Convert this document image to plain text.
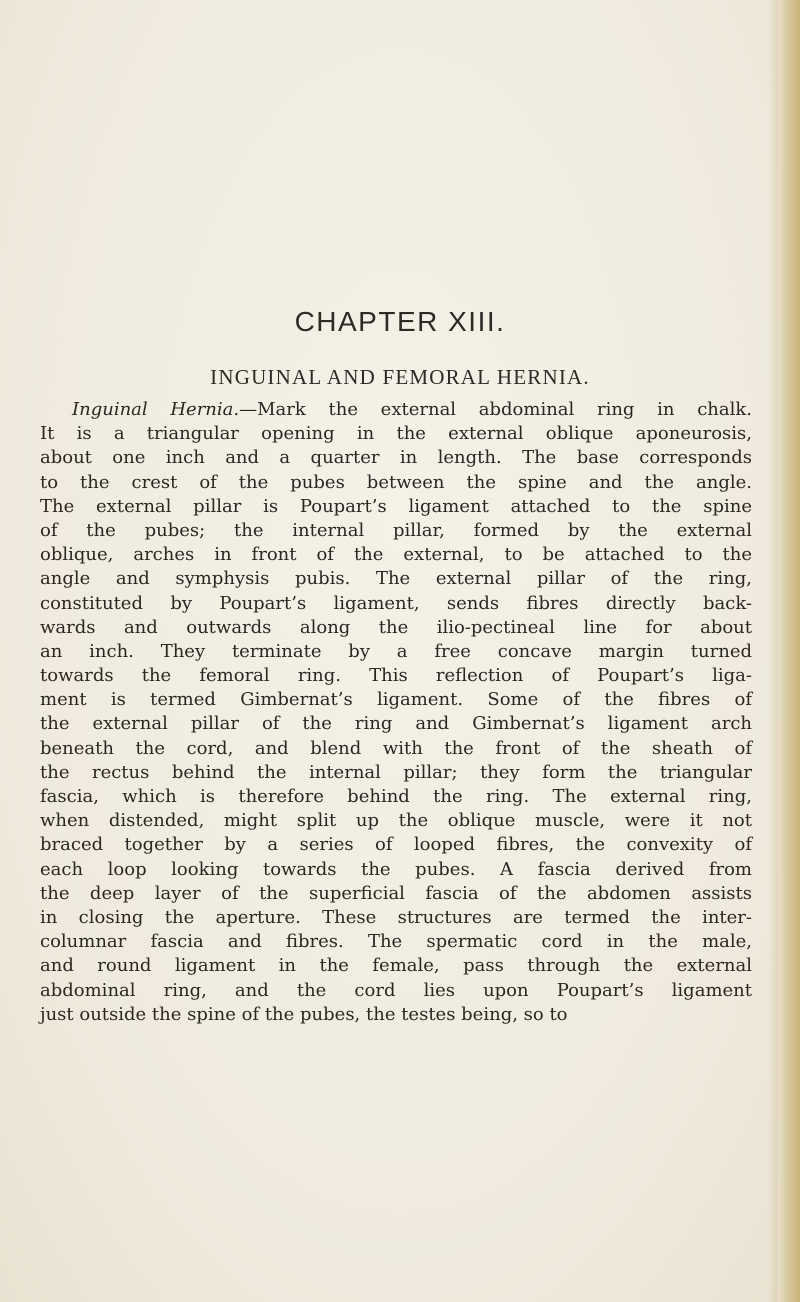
CHAPTER XIII.
INGUINAL AND FEMORAL HERNIA.
Inguinal Hernia.—Mark the external abdominal ring in chalk.
It is a triangular opening in the external oblique aponeurosis,
about one inch and a quarter in length. The base corresponds
to the crest of the pubes between the spine and the angle.
The external pillar is Poupart’s ligament attached to the spine
of the pubes; the internal pillar, formed by the external
oblique, arches in front of the external, to be attached to the
angle and symphysis pubis. The external pillar of the ring,
constituted by Poupart’s ligament, sends fibres directly back-
wards and outwards along the ilio-pectineal line for about
an inch. They terminate by a free concave margin turned
towards the femoral ring. This reflection of Poupart’s liga-
ment is termed Gimbernat’s ligament. Some of the fibres of
the external pillar of the ring and Gimbernat’s ligament arch
beneath the cord, and blend with the front of the sheath of
the rectus behind the internal pillar; they form the triangular
fascia, which is therefore behind the ring. The external ring,
when distended, might split up the oblique muscle, were it not
braced together by a series of looped fibres, the convexity of
each loop looking towards the pubes. A fascia derived from
the deep layer of the superficial fascia of the abdomen assists
in closing the aperture. These structures are termed the inter-
columnar fascia and fibres. The spermatic cord in the male,
and round ligament in the female, pass through the external
abdominal ring, and the cord lies upon Poupart’s ligament
just outside the spine of the pubes, the testes being, so to
